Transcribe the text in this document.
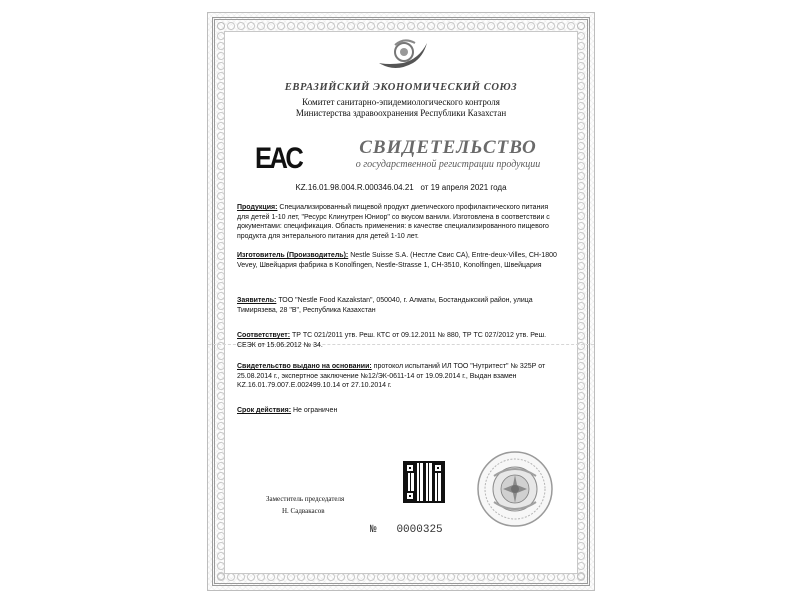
ЕВРАЗИЙСКИЙ ЭКОНОМИЧЕСКИЙ СОЮЗ
Комитет санитарно-эпидемиологического контроля
Министерства здравоохранения Республики Казахстан
EAC	СВИДЕТЕЛЬСТВО
о государственной регистрации продукции
KZ.16.01.98.004.R.000346.04.21 от 19 апреля 2021 года
Продукция: Специализированный пищевой продукт диетического профилактического питания для детей 1-10 лет, "Ресурс Клинутрен Юниор" со вкусом ванили. Изготовлена в соответствии с документами: спецификация. Область применения: в качестве специализированного пищевого продукта для энтерального питания для детей 1-10 лет.
Изготовитель (Производитель): Nestle Suisse S.A. (Нестле Свис СА), Entre-deux-Villes, CH-1800 Vevey, Швейцария фабрика в Konolfingen, Nestle-Strasse 1, CH-3510, Konolfingen, Швейцария
Заявитель: ТОО "Nestle Food Kazakstan", 050040, г. Алматы, Бостандыкский район, улица Тимирязева, 28 "В", Республика Казахстан
Соответствует: ТР ТС 021/2011 утв. Реш. КТС от 09.12.2011 № 880, ТР ТС 027/2012 утв. Реш. СЕЭК от 15.06.2012 № 34.
Свидетельство выдано на основании: протокол испытаний ИЛ ТОО "Нутритест" № 325Р от 25.08.2014 г., экспертное заключение №12/ЭК-0611-14 от 19.09.2014 г., Выдан взамен KZ.16.01.79.007.E.002499.10.14 от 27.10.2014 г.
Срок действия: Не ограничен
Заместитель председателя
Н. Садвакасов
№ 0000325
